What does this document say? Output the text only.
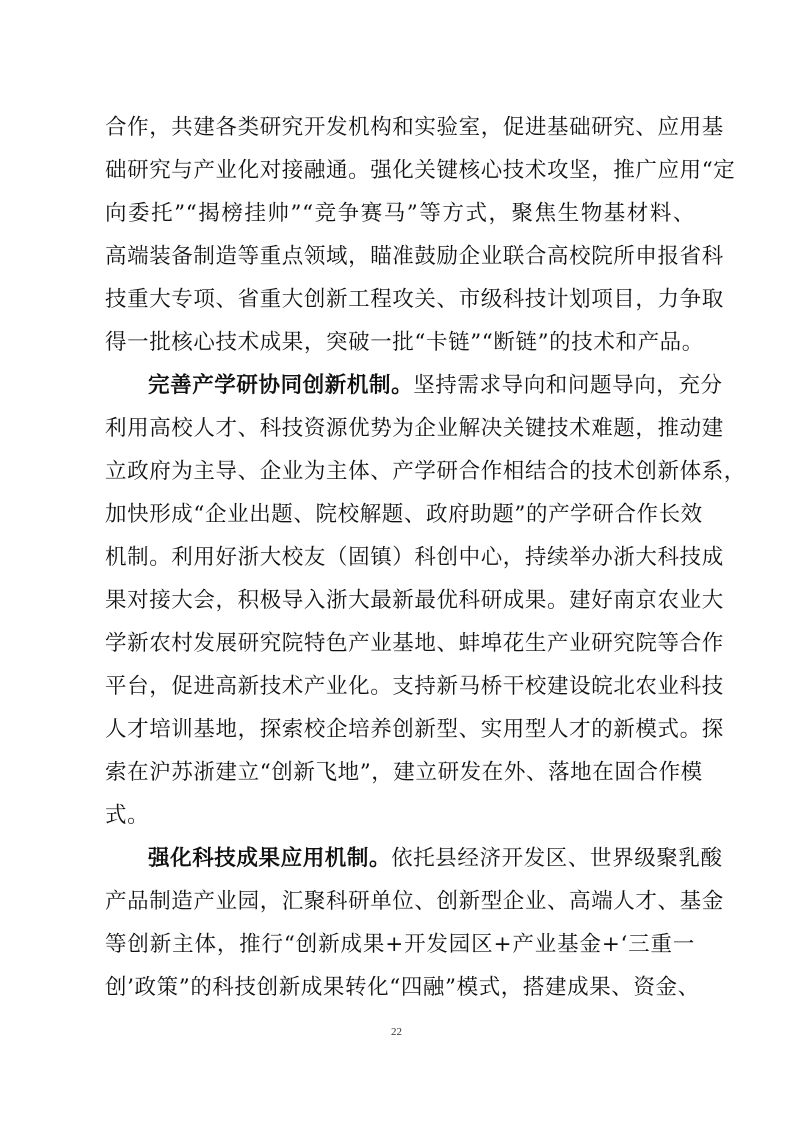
合作，共建各类研究开发机构和实验室，促进基础研究、应用基
础研究与产业化对接融通。强化关键核心技术攻坚，推广应用“定
向委托”“揭榜挂帅”“竞争赛马”等方式，聚焦生物基材料、
高端装备制造等重点领域，瞄准鼓励企业联合高校院所申报省科
技重大专项、省重大创新工程攻关、市级科技计划项目，力争取
得一批核心技术成果，突破一批“卡链”“断链”的技术和产品。
完善产学研协同创新机制。坚持需求导向和问题导向，充分
利用高校人才、科技资源优势为企业解决关键技术难题，推动建
立政府为主导、企业为主体、产学研合作相结合的技术创新体系，
加快形成“企业出题、院校解题、政府助题”的产学研合作长效
机制。利用好浙大校友（固镇）科创中心，持续举办浙大科技成
果对接大会，积极导入浙大最新最优科研成果。建好南京农业大
学新农村发展研究院特色产业基地、蚌埠花生产业研究院等合作
平台，促进高新技术产业化。支持新马桥干校建设皖北农业科技
人才培训基地，探索校企培养创新型、实用型人才的新模式。探
索在沪苏浙建立“创新飞地”，建立研发在外、落地在固合作模
式。
强化科技成果应用机制。依托县经济开发区、世界级聚乳酸
产品制造产业园，汇聚科研单位、创新型企业、高端人才、基金
等创新主体，推行“创新成果+开发园区+产业基金+‘三重一
创’政策”的科技创新成果转化“四融”模式，搭建成果、资金、
22
